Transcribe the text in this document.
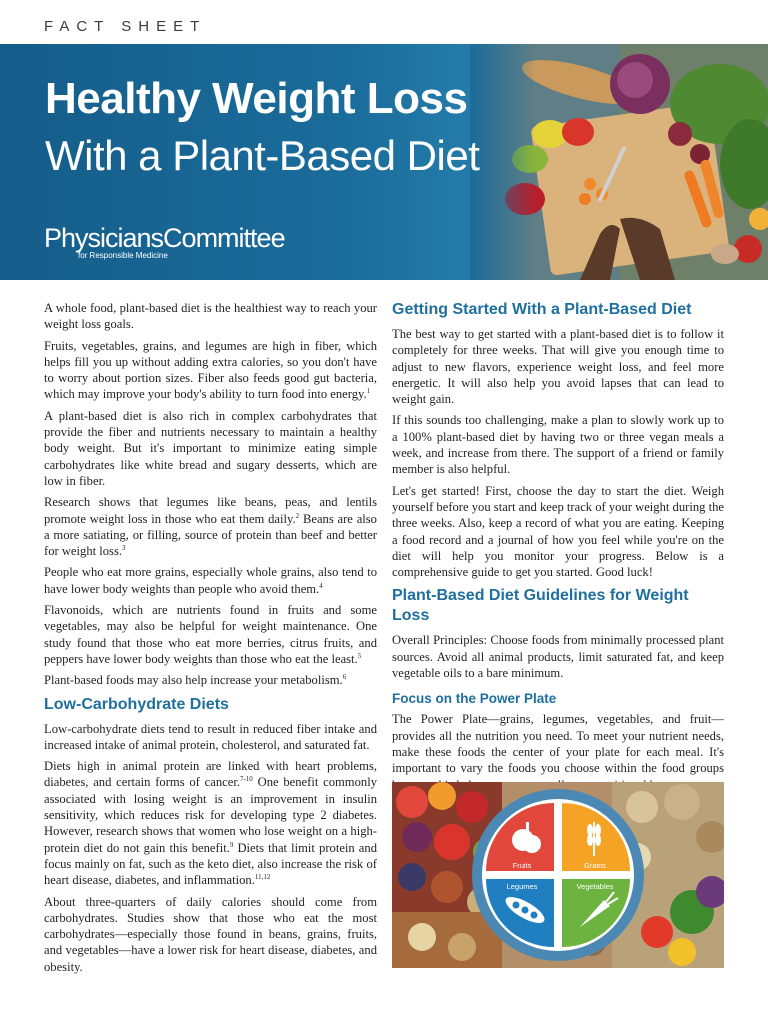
FACT SHEET
Healthy Weight Loss
With a Plant-Based Diet
PhysiciansCommittee
for Responsible Medicine

A whole food, plant-based diet is the healthiest way to reach your weight loss goals.

Fruits, vegetables, grains, and legumes are high in fiber, which helps fill you up without adding extra calories, so you don't have to worry about portion sizes. Fiber also feeds good gut bacteria, which may improve your body's ability to turn food into energy.$^1$

A plant-based diet is also rich in complex carbohydrates that provide the fiber and nutrients necessary to maintain a healthy body weight. But it's important to minimize eating simple carbohydrates like white bread and sugary desserts, which are low in fiber.

Research shows that legumes like beans, peas, and lentils promote weight loss in those who eat them daily.$^2$ Beans are also a more satiating, or filling, source of protein than beef and better for weight loss.$^3$

People who eat more grains, especially whole grains, also tend to have lower body weights than people who avoid them.$^4$

Flavonoids, which are nutrients found in fruits and some vegetables, may also be helpful for weight maintenance. One study found that those who eat more berries, citrus fruits, and peppers have lower body weights than those who eat the least.$^5$

Plant-based foods may also help increase your metabolism.$^6$

Low-Carbohydrate Diets

Low-carbohydrate diets tend to result in reduced fiber intake and increased intake of animal protein, cholesterol, and saturated fat.

Diets high in animal protein are linked with heart problems, diabetes, and certain forms of cancer.$^{7-10}$ One benefit commonly associated with losing weight is an improvement in insulin sensitivity, which reduces risk for developing type 2 diabetes. However, research shows that women who lose weight on a high-protein diet do not gain this benefit.$^9$ Diets that limit protein and focus mainly on fat, such as the keto diet, also increase the risk of heart disease, diabetes, and inflammation.$^{11,12}$

About three-quarters of daily calories should come from carbohydrates. Studies show that those who eat the most carbohydrates—especially those found in beans, grains, fruits, and vegetables—have a lower risk for heart disease, diabetes, and obesity.

Getting Started With a Plant-Based Diet

The best way to get started with a plant-based diet is to follow it completely for three weeks. That will give you enough time to adjust to new flavors, experience weight loss, and feel more energetic. It will also help you avoid lapses that can lead to weight gain.

If this sounds too challenging, make a plan to slowly work up to a 100% plant-based diet by having two or three vegan meals a week, and increase from there. The support of a friend or family member is also helpful.

Let's get started! First, choose the day to start the diet. Weigh yourself before you start and keep track of your weight during the three weeks. Also, keep a record of what you are eating. Keeping a food record and a journal of how you feel while you're on the diet will help you monitor your progress. Below is a comprehensive guide to get you started. Good luck!

Plant-Based Diet Guidelines for Weight Loss

Overall Principles: Choose foods from minimally processed plant sources. Avoid all animal products, limit saturated fat, and keep vegetable oils to a bare minimum.

Focus on the Power Plate

The Power Plate—grains, legumes, vegetables, and fruit—provides all the nutrition you need. To meet your nutrient needs, make these foods the center of your plate for each meal. It's important to vary the foods you choose within the food groups

Fruits	Grains
Legumes	Vegetables
